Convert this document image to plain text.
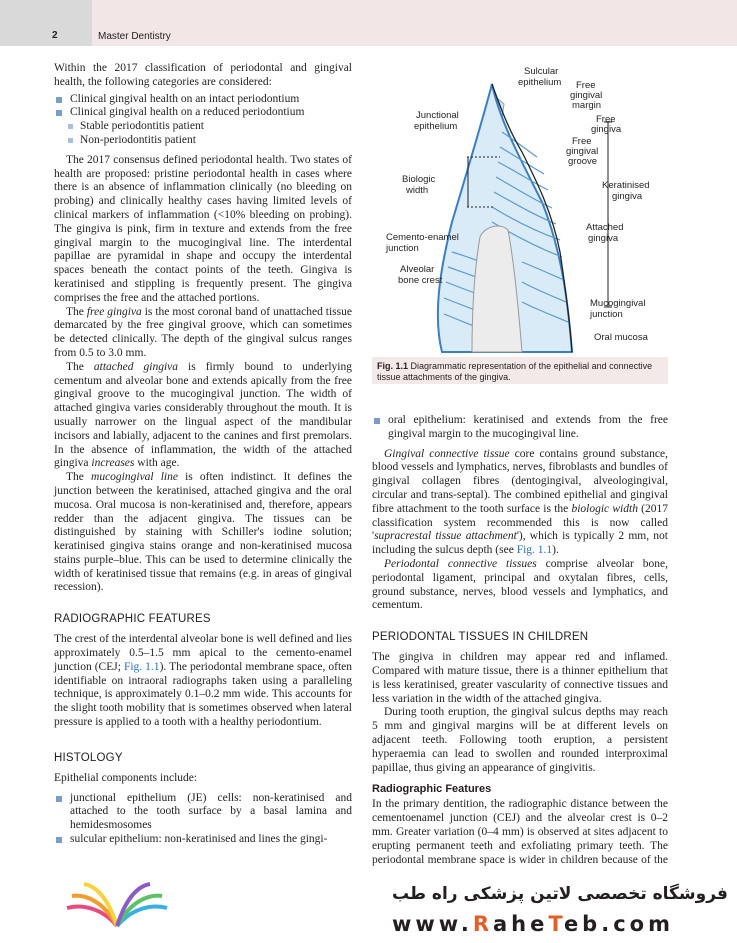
2	Master Dentistry

Within the 2017 classification of periodontal and gingival health, the following categories are considered:

Clinical gingival health on an intact periodontium
Clinical gingival health on a reduced periodontium
Stable periodontitis patient
Non-periodontitis patient

The 2017 consensus defined periodontal health. Two states of health are proposed: pristine periodontal health in cases where there is an absence of inflammation clinically (no bleeding on probing) and clinically healthy cases having limited levels of clinical markers of inflammation (<10% bleeding on probing). The gingiva is pink, firm in texture and extends from the free gingival margin to the mucogingival line. The interdental papillae are pyramidal in shape and occupy the interdental spaces beneath the contact points of the teeth. Gingiva is keratinised and stippling is frequently present. The gingiva comprises the free and the attached portions.

The free gingiva is the most coronal band of unattached tissue demarcated by the free gingival groove, which can sometimes be detected clinically. The depth of the gingival sulcus ranges from 0.5 to 3.0 mm.

The attached gingiva is firmly bound to underlying cementum and alveolar bone and extends apically from the free gingival groove to the mucogingival junction. The width of attached gingiva varies considerably throughout the mouth. It is usually narrower on the lingual aspect of the mandibular incisors and labially, adjacent to the canines and first premolars. In the absence of inflammation, the width of the attached gingiva increases with age.

The mucogingival line is often indistinct. It defines the junction between the keratinised, attached gingiva and the oral mucosa. Oral mucosa is non-keratinised and, therefore, appears redder than the adjacent gingiva. The tissues can be distinguished by staining with Schiller's iodine solution; keratinised gingiva stains orange and non-keratinised mucosa stains purple–blue. This can be used to determine clinically the width of keratinised tissue that remains (e.g. in areas of gingival recession).

RADIOGRAPHIC FEATURES

The crest of the interdental alveolar bone is well defined and lies approximately 0.5–1.5 mm apical to the cemento-enamel junction (CEJ; Fig. 1.1). The periodontal membrane space, often identifiable on intraoral radiographs taken using a paralleling technique, is approximately 0.1–0.2 mm wide. This accounts for the slight tooth mobility that is sometimes observed when lateral pressure is applied to a tooth with a healthy periodontium.

HISTOLOGY

Epithelial components include:

junctional epithelium (JE) cells: non-keratinised and attached to the tooth surface by a basal lamina and hemidesmosomes
sulcular epithelium: non-keratinised and lines the gingi-
Sulcular epithelium	Free gingival margin
Free gingiva
Free gingival groove
Junctional epithelium
Biologic width	Keratinised gingiva
Attached gingiva
Cemento-enamel junction
Alveolar bone crest
Mucogingival junction
Oral mucosa
Fig. 1.1 Diagrammatic representation of the epithelial and connective tissue attachments of the gingiva.
oral epithelium: keratinised and extends from the free gingival margin to the mucogingival line.

Gingival connective tissue core contains ground substance, blood vessels and lymphatics, nerves, fibroblasts and bundles of gingival collagen fibres (dentogingival, alveologingival, circular and trans-septal). The combined epithelial and gingival fibre attachment to the tooth surface is the biologic width (2017 classification system recommended this is now called 'supracrestal tissue attachment'), which is typically 2 mm, not including the sulcus depth (see Fig. 1.1).

Periodontal connective tissues comprise alveolar bone, periodontal ligament, principal and oxytalan fibres, cells, ground substance, nerves, blood vessels and lymphatics, and cementum.

PERIODONTAL TISSUES IN CHILDREN

The gingiva in children may appear red and inflamed. Compared with mature tissue, there is a thinner epithelium that is less keratinised, greater vascularity of connective tissues and less variation in the width of the attached gingiva.

During tooth eruption, the gingival sulcus depths may reach 5 mm and gingival margins will be at different levels on adjacent teeth. Following tooth eruption, a persistent hyperaemia can lead to swollen and rounded interproximal papillae, thus giving an appearance of gingivitis.

Radiographic Features

In the primary dentition, the radiographic distance between the cementoenamel junction (CEJ) and the alveolar crest is 0–2 mm. Greater variation (0–4 mm) is observed at sites adjacent to erupting permanent teeth and exfoliating primary teeth. The periodontal membrane space is wider in children because of the

فروشگاه تخصصی لاتین پزشکی راه طب
www.RaheTeb.com
